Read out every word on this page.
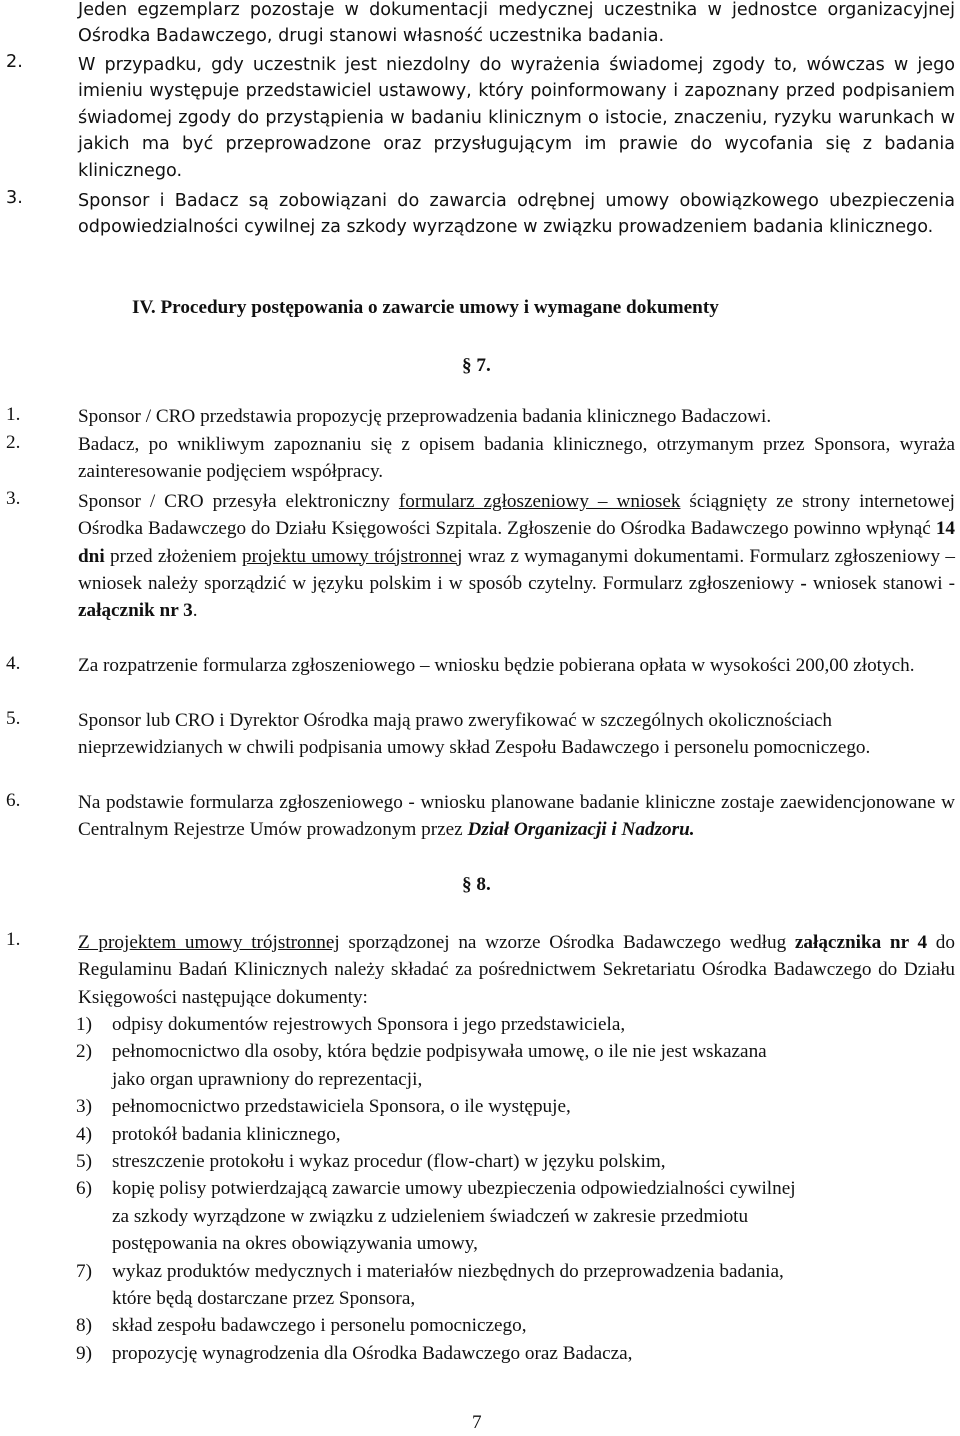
Jeden egzemplarz pozostaje w dokumentacji medycznej uczestnika w jednostce organizacyjnej Ośrodka Badawczego, drugi stanowi własność uczestnika badania.
2.	W przypadku, gdy uczestnik jest niezdolny do wyrażenia świadomej zgody to, wówczas w jego imieniu występuje przedstawiciel ustawowy, który poinformowany i zapoznany przed podpisaniem świadomej zgody do przystąpienia w badaniu klinicznym o istocie, znaczeniu, ryzyku warunkach w jakich ma być przeprowadzone oraz przysługującym im prawie do wycofania się z badania klinicznego.
3.	Sponsor i Badacz są zobowiązani do zawarcia odrębnej umowy obowiązkowego ubezpieczenia odpowiedzialności cywilnej za szkody wyrządzone w związku prowadzeniem badania klinicznego.
IV. Procedury postępowania o zawarcie umowy i wymagane dokumenty
§ 7.
1.	Sponsor / CRO przedstawia propozycję przeprowadzenia badania klinicznego Badaczowi.
2.	Badacz, po wnikliwym zapoznaniu się z opisem badania klinicznego, otrzymanym przez Sponsora, wyraża zainteresowanie podjęciem współpracy.
3.	Sponsor / CRO przesyła elektroniczny formularz zgłoszeniowy – wniosek ściągnięty ze strony internetowej Ośrodka Badawczego do Działu Księgowości Szpitala. Zgłoszenie do Ośrodka Badawczego powinno wpłynąć 14 dni przed złożeniem projektu umowy trójstronnej wraz z wymaganymi dokumentami. Formularz zgłoszeniowy – wniosek należy sporządzić w języku polskim i w sposób czytelny. Formularz zgłoszeniowy - wniosek stanowi - załącznik nr 3.
4.	Za rozpatrzenie formularza zgłoszeniowego – wniosku będzie pobierana opłata w wysokości 200,00 złotych.
5.	Sponsor lub CRO i Dyrektor Ośrodka mają prawo zweryfikować w szczególnych okolicznościach nieprzewidzianych w chwili podpisania umowy skład Zespołu Badawczego i personelu pomocniczego.
6.	Na podstawie formularza zgłoszeniowego - wniosku planowane badanie kliniczne zostaje zaewidencjonowane w Centralnym Rejestrze Umów prowadzonym przez Dział Organizacji i Nadzoru.
§ 8.
1.	Z projektem umowy trójstronnej sporządzonej na wzorze Ośrodka Badawczego według załącznika nr 4 do Regulaminu Badań Klinicznych należy składać za pośrednictwem Sekretariatu Ośrodka Badawczego do Działu Księgowości następujące dokumenty:
1) odpisy dokumentów rejestrowych Sponsora i jego przedstawiciela,
2) pełnomocnictwo dla osoby, która będzie podpisywała umowę, o ile nie jest wskazana
jako organ uprawniony do reprezentacji,
3) pełnomocnictwo przedstawiciela Sponsora, o ile występuje,
4) protokół badania klinicznego,
5) streszczenie protokołu i wykaz procedur (flow-chart) w języku polskim,
6) kopię polisy potwierdzającą zawarcie umowy ubezpieczenia odpowiedzialności cywilnej
za szkody wyrządzone w związku z udzieleniem świadczeń w zakresie przedmiotu
postępowania na okres obowiązywania umowy,
7) wykaz produktów medycznych i materiałów niezbędnych do przeprowadzenia badania,
które będą dostarczane przez Sponsora,
8) skład zespołu badawczego i personelu pomocniczego,
9) propozycję wynagrodzenia dla Ośrodka Badawczego oraz Badacza,
7
